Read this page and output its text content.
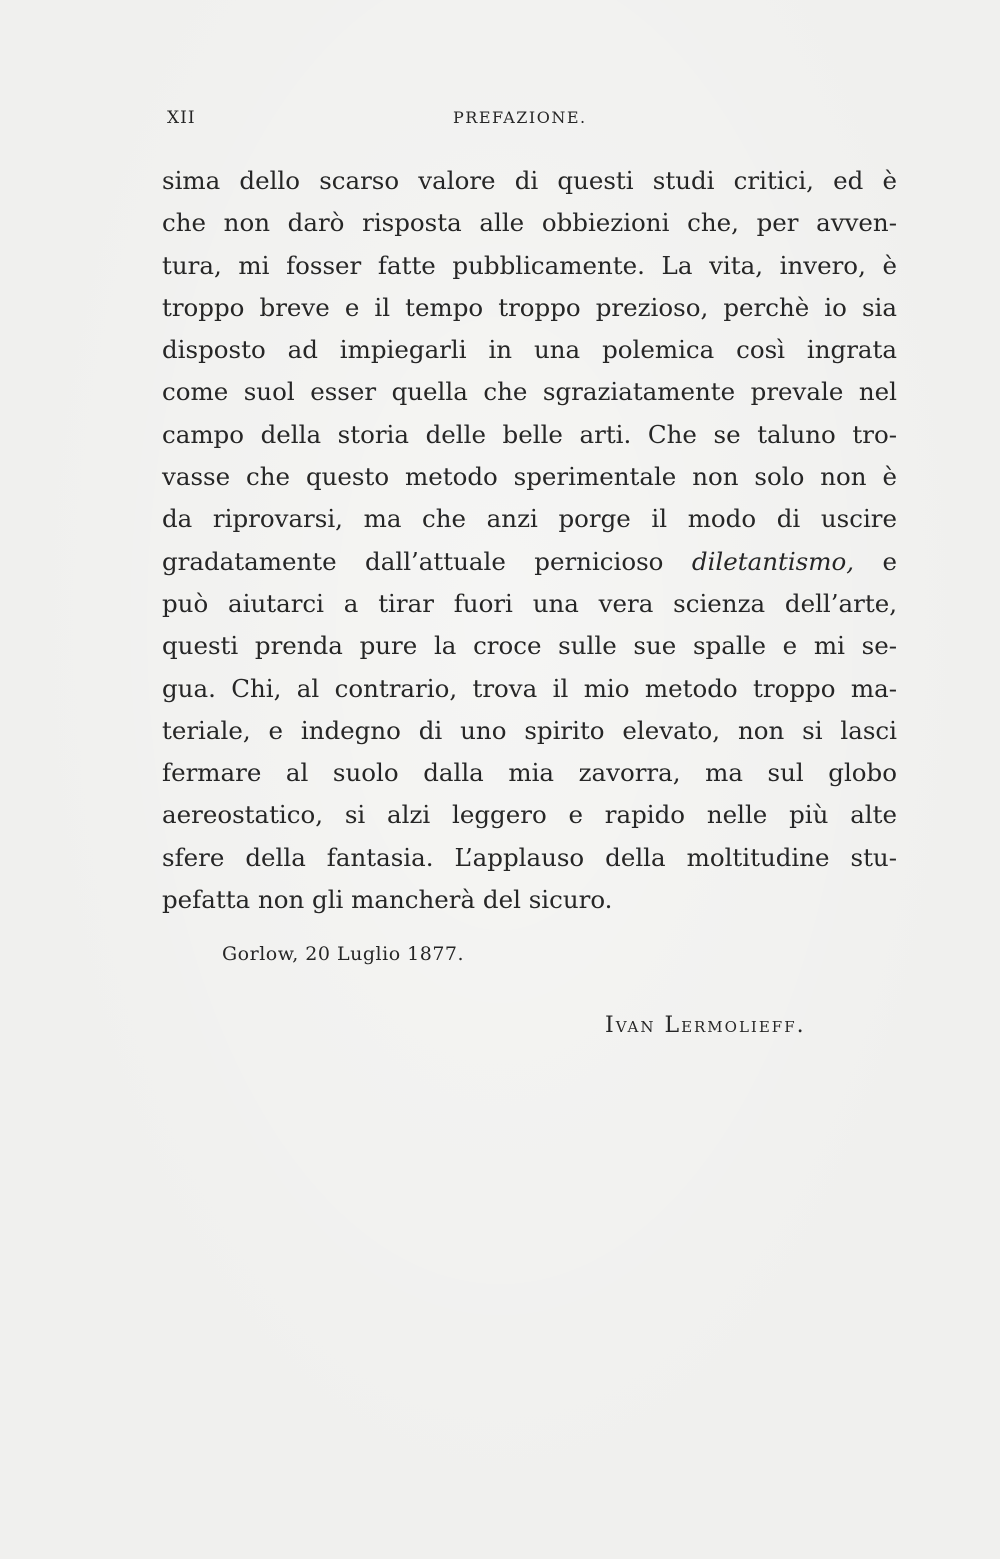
XII	PREFAZIONE.
sima dello scarso valore di questi studi critici, ed è
che non darò risposta alle obbiezioni che, per avven-
tura, mi fosser fatte pubblicamente. La vita, invero, è
troppo breve e il tempo troppo prezioso, perchè io sia
disposto ad impiegarli in una polemica così ingrata
come suol esser quella che sgraziatamente prevale nel
campo della storia delle belle arti. Che se taluno tro-
vasse che questo metodo sperimentale non solo non è
da riprovarsi, ma che anzi porge il modo di uscire
gradatamente dall’attuale pernicioso diletantismo, e
può aiutarci a tirar fuori una vera scienza dell’arte,
questi prenda pure la croce sulle sue spalle e mi se-
gua. Chi, al contrario, trova il mio metodo troppo ma-
teriale, e indegno di uno spirito elevato, non si lasci
fermare al suolo dalla mia zavorra, ma sul globo
aereostatico, si alzi leggero e rapido nelle più alte
sfere della fantasia. L’applauso della moltitudine stu-
pefatta non gli mancherà del sicuro.
Gorlow, 20 Luglio 1877.
Ivan Lermolieff.
